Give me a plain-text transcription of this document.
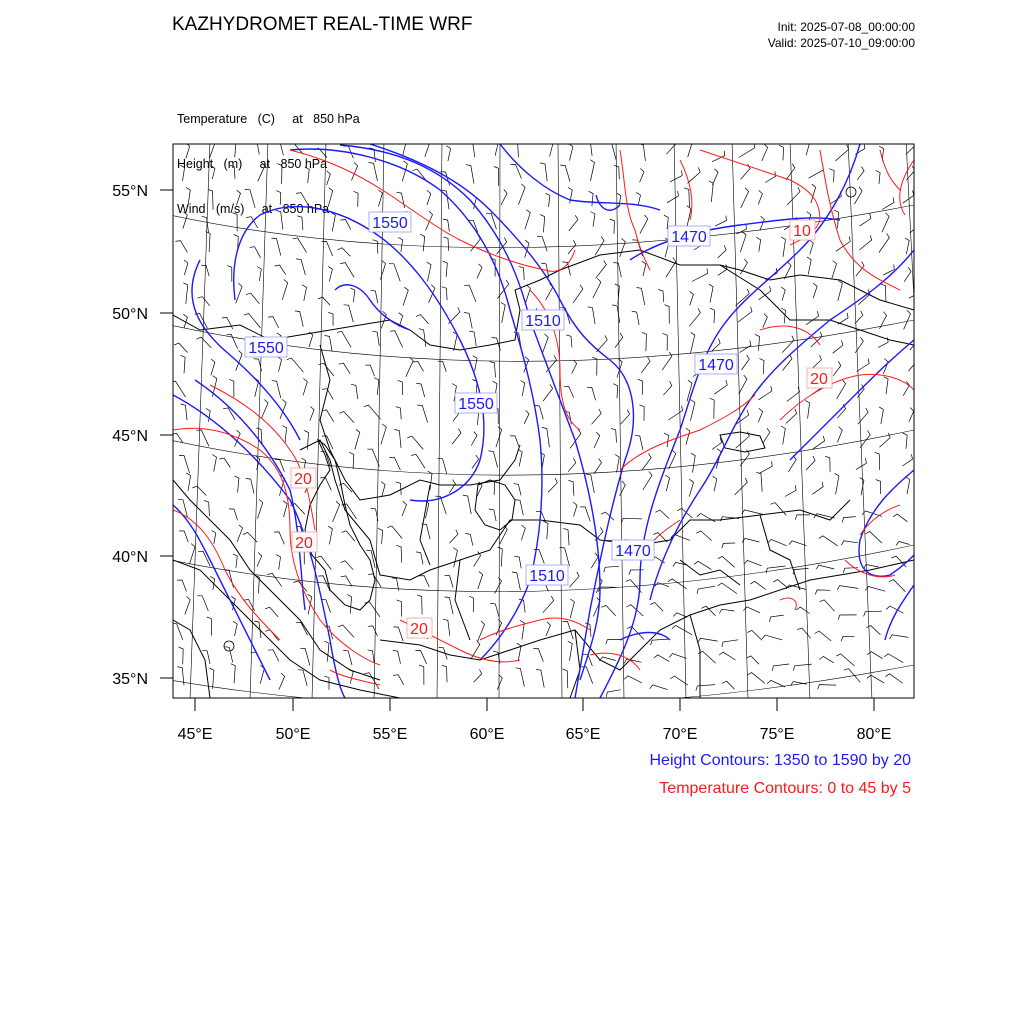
KAZHYDROMET REAL-TIME WRF	Init: 2025-07-08_00:00:00
Valid: 2025-07-10_09:00:00

Temperature   (C)     at   850 hPa

Height   (m)     at   850 hPa

Wind   (m/s)     at   850 hPa

55°N
50°N
45°N
40°N
35°N
45°E	50°E	55°E	60°E	65°E	70°E	75°E	80°E
1550
1470
1510
1550
1470
1550
1470
1510
10
20
20
20
20
Height Contours: 1350 to 1590 by 20
Temperature Contours: 0 to 45 by 5
